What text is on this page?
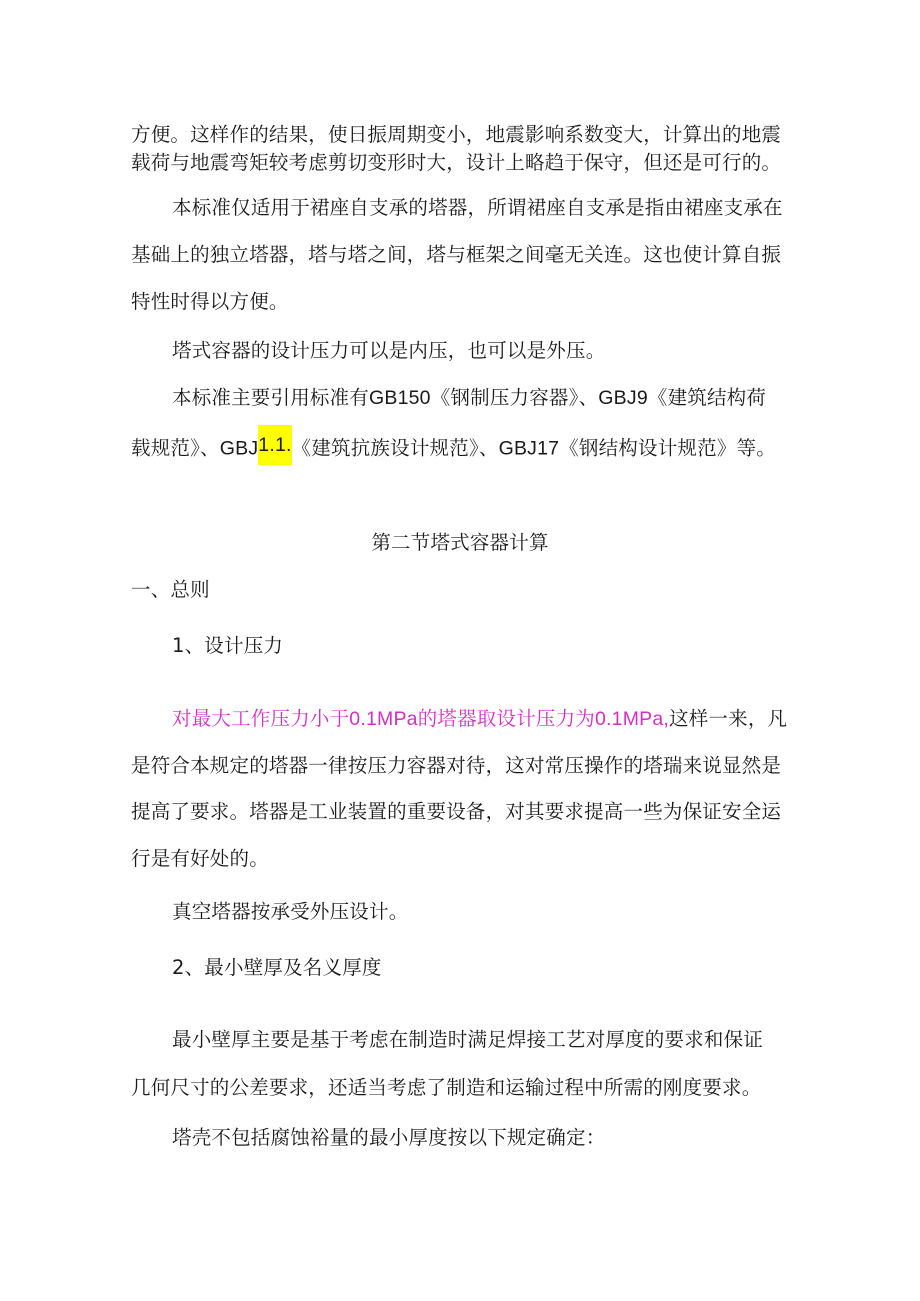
方便。这样作的结果，使日振周期变小，地震影响系数变大，计算出的地震
载荷与地震弯矩较考虑剪切变形时大，设计上略趋于保守，但还是可行的。
本标准仅适用于裙座自支承的塔器，所谓裙座自支承是指由裙座支承在
基础上的独立塔器，塔与塔之间，塔与框架之间毫无关连。这也使计算自振
特性时得以方便。
塔式容器的设计压力可以是内压，也可以是外压。
本标准主要引用标准有GB150《钢制压力容器》、GBJ9《建筑结构荷
载规范》、GBJ1.1.《建筑抗族设计规范》、GBJ17《钢结构设计规范》等。
第二节塔式容器计算
一、总则
1、设计压力
对最大工作压力小于0.1MPa的塔器取设计压力为0.1MPa,这样一来，凡
是符合本规定的塔器一律按压力容器对待，这对常压操作的塔瑞来说显然是
提高了要求。塔器是工业装置的重要设备，对其要求提高一些为保证安全运
行是有好处的。
真空塔器按承受外压设计。
2、最小壁厚及名义厚度
最小壁厚主要是基于考虑在制造时满足焊接工艺对厚度的要求和保证
几何尺寸的公差要求，还适当考虑了制造和运输过程中所需的刚度要求。
塔壳不包括腐蚀裕量的最小厚度按以下规定确定：
